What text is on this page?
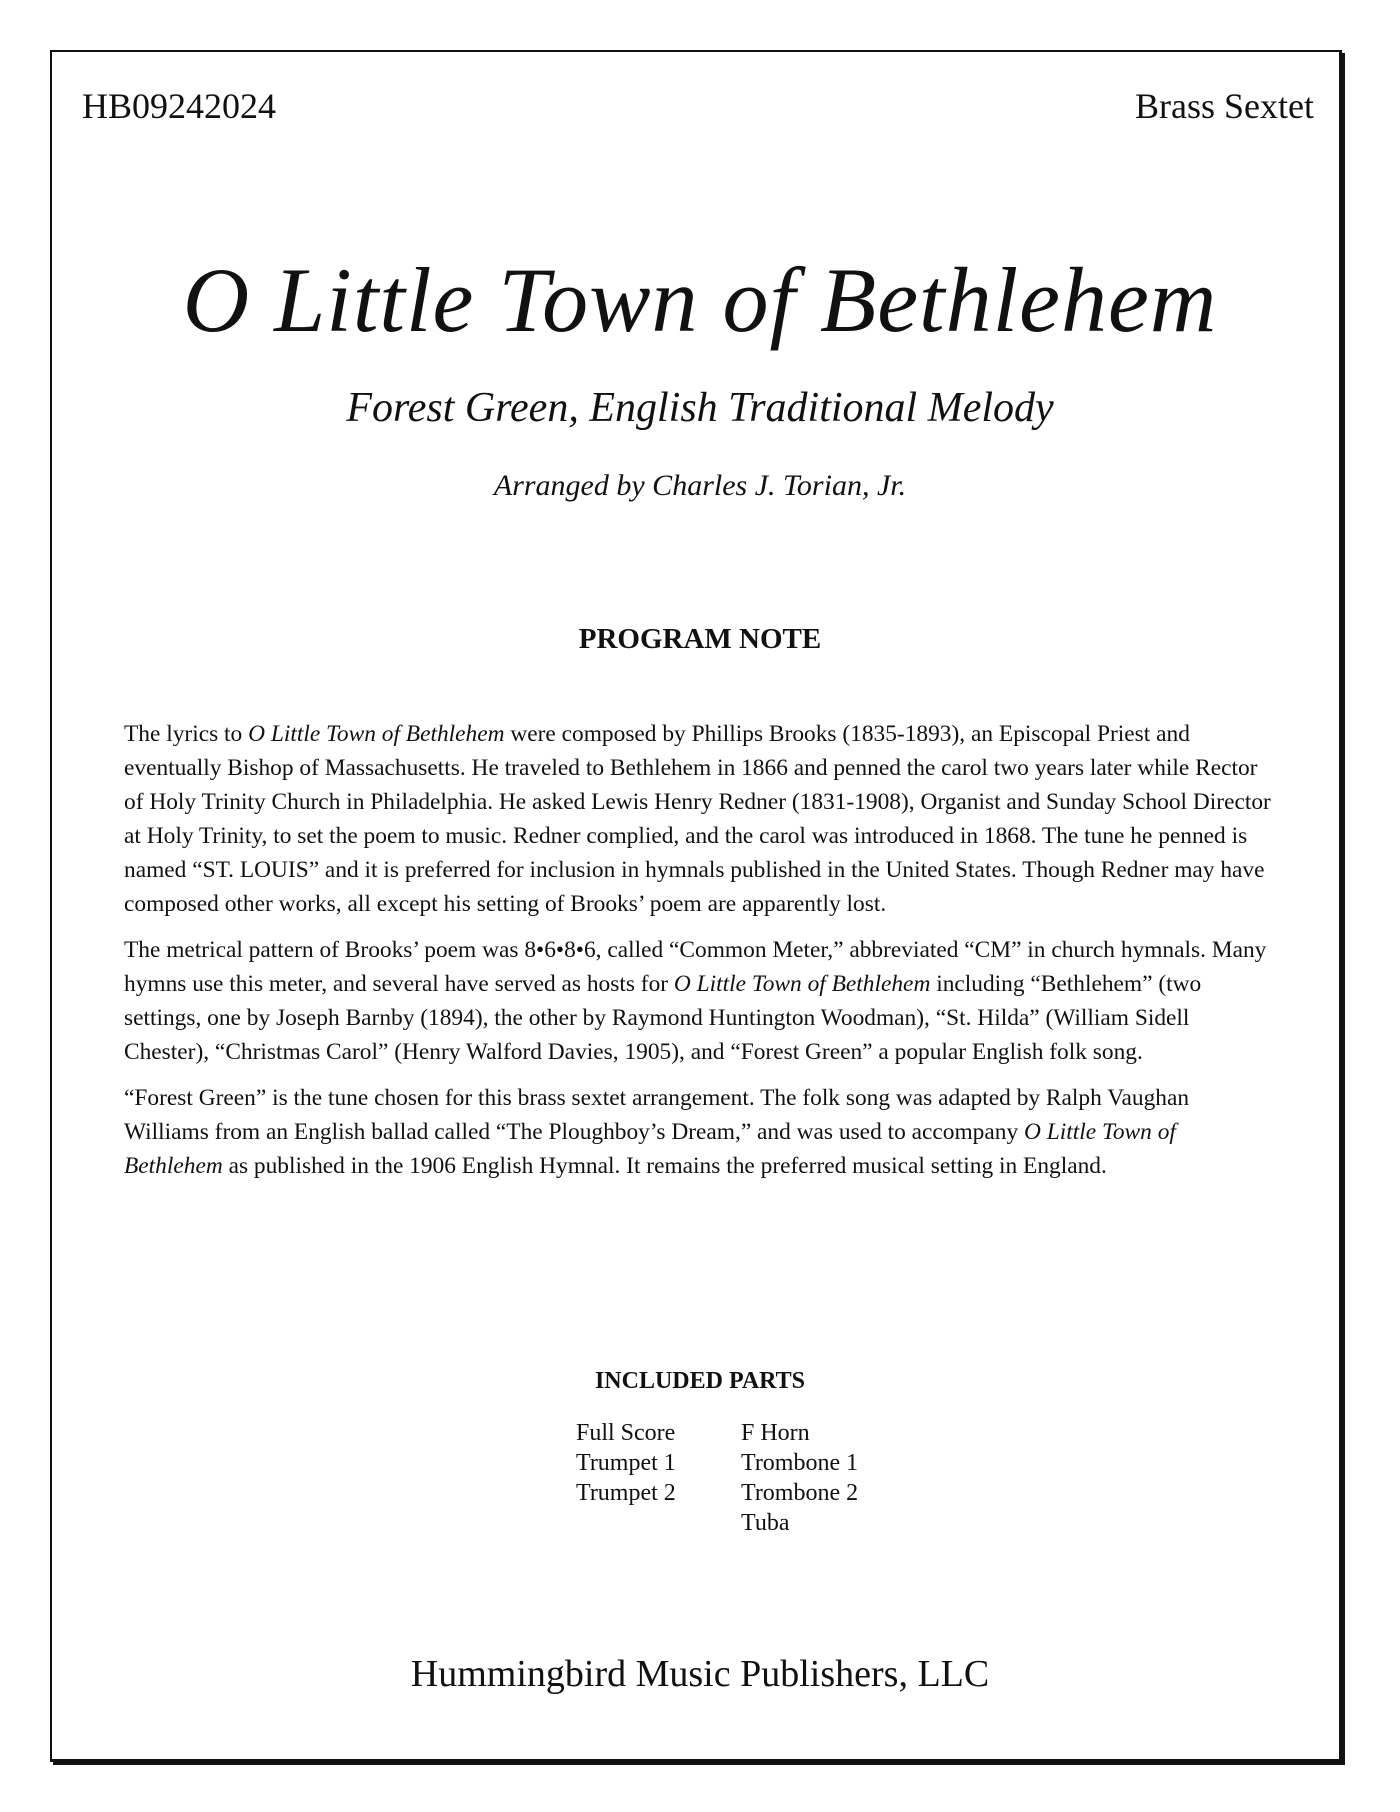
HB09242024	Brass Sextet
O Little Town of Bethlehem
Forest Green, English Traditional Melody
Arranged by Charles J. Torian, Jr.
PROGRAM NOTE

The lyrics to O Little Town of Bethlehem were composed by Phillips Brooks (1835-1893), an Episcopal Priest and eventually Bishop of Massachusetts. He traveled to Bethlehem in 1866 and penned the carol two years later while Rector of Holy Trinity Church in Philadelphia. He asked Lewis Henry Redner (1831-1908), Organist and Sunday School Director at Holy Trinity, to set the poem to music. Redner complied, and the carol was introduced in 1868. The tune he penned is named “ST. LOUIS” and it is preferred for inclusion in hymnals published in the United States. Though Redner may have composed other works, all except his setting of Brooks’ poem are apparently lost.

The metrical pattern of Brooks’ poem was 8•6•8•6, called “Common Meter,” abbreviated “CM” in church hymnals. Many hymns use this meter, and several have served as hosts for O Little Town of Bethlehem including “Bethlehem” (two settings, one by Joseph Barnby (1894), the other by Raymond Huntington Woodman), “St. Hilda” (William Sidell Chester), “Christmas Carol” (Henry Walford Davies, 1905), and “Forest Green” a popular English folk song.

“Forest Green” is the tune chosen for this brass sextet arrangement. The folk song was adapted by Ralph Vaughan Williams from an English ballad called “The Ploughboy’s Dream,” and was used to accompany O Little Town of Bethlehem as published in the 1906 English Hymnal. It remains the preferred musical setting in England.

INCLUDED PARTS
Full Score
Trumpet 1
Trumpet 2
F Horn
Trombone 1
Trombone 2
Tuba
Hummingbird Music Publishers, LLC
